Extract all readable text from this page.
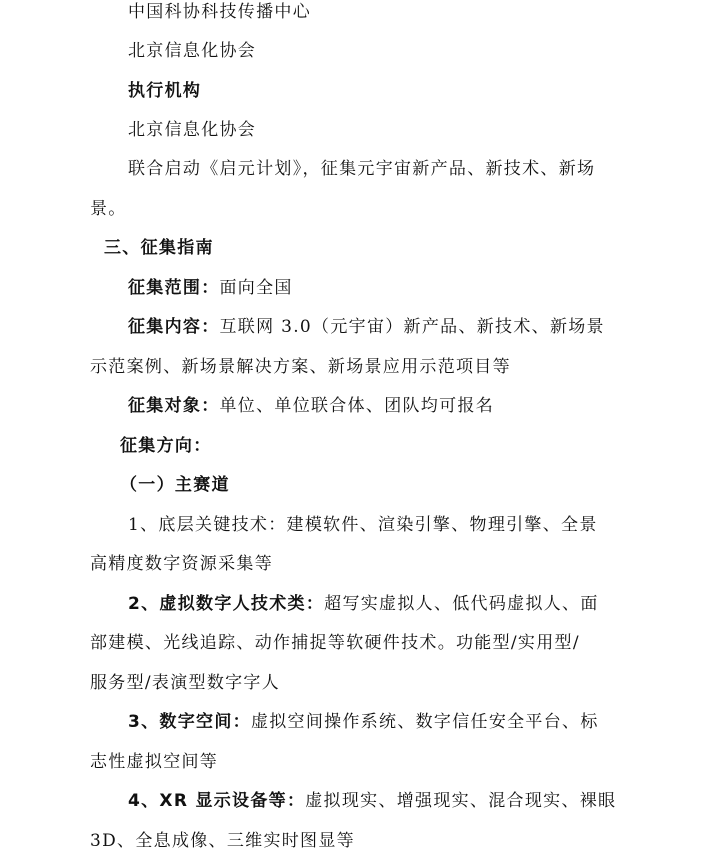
中国科协科技传播中心
北京信息化协会
执行机构
北京信息化协会
联合启动《启元计划》，征集元宇宙新产品、新技术、新场
景。
三、征集指南
征集范围：面向全国
征集内容：互联网 3.0（元宇宙）新产品、新技术、新场景
示范案例、新场景解决方案、新场景应用示范项目等
征集对象：单位、单位联合体、团队均可报名
征集方向：
（一）主赛道
1、底层关键技术：建模软件、渲染引擎、物理引擎、全景
高精度数字资源采集等
2、虚拟数字人技术类：超写实虚拟人、低代码虚拟人、面
部建模、光线追踪、动作捕捉等软硬件技术。功能型/实用型/
服务型/表演型数字字人
3、数字空间：虚拟空间操作系统、数字信任安全平台、标
志性虚拟空间等
4、XR 显示设备等：虚拟现实、增强现实、混合现实、裸眼
3D、全息成像、三维实时图显等
